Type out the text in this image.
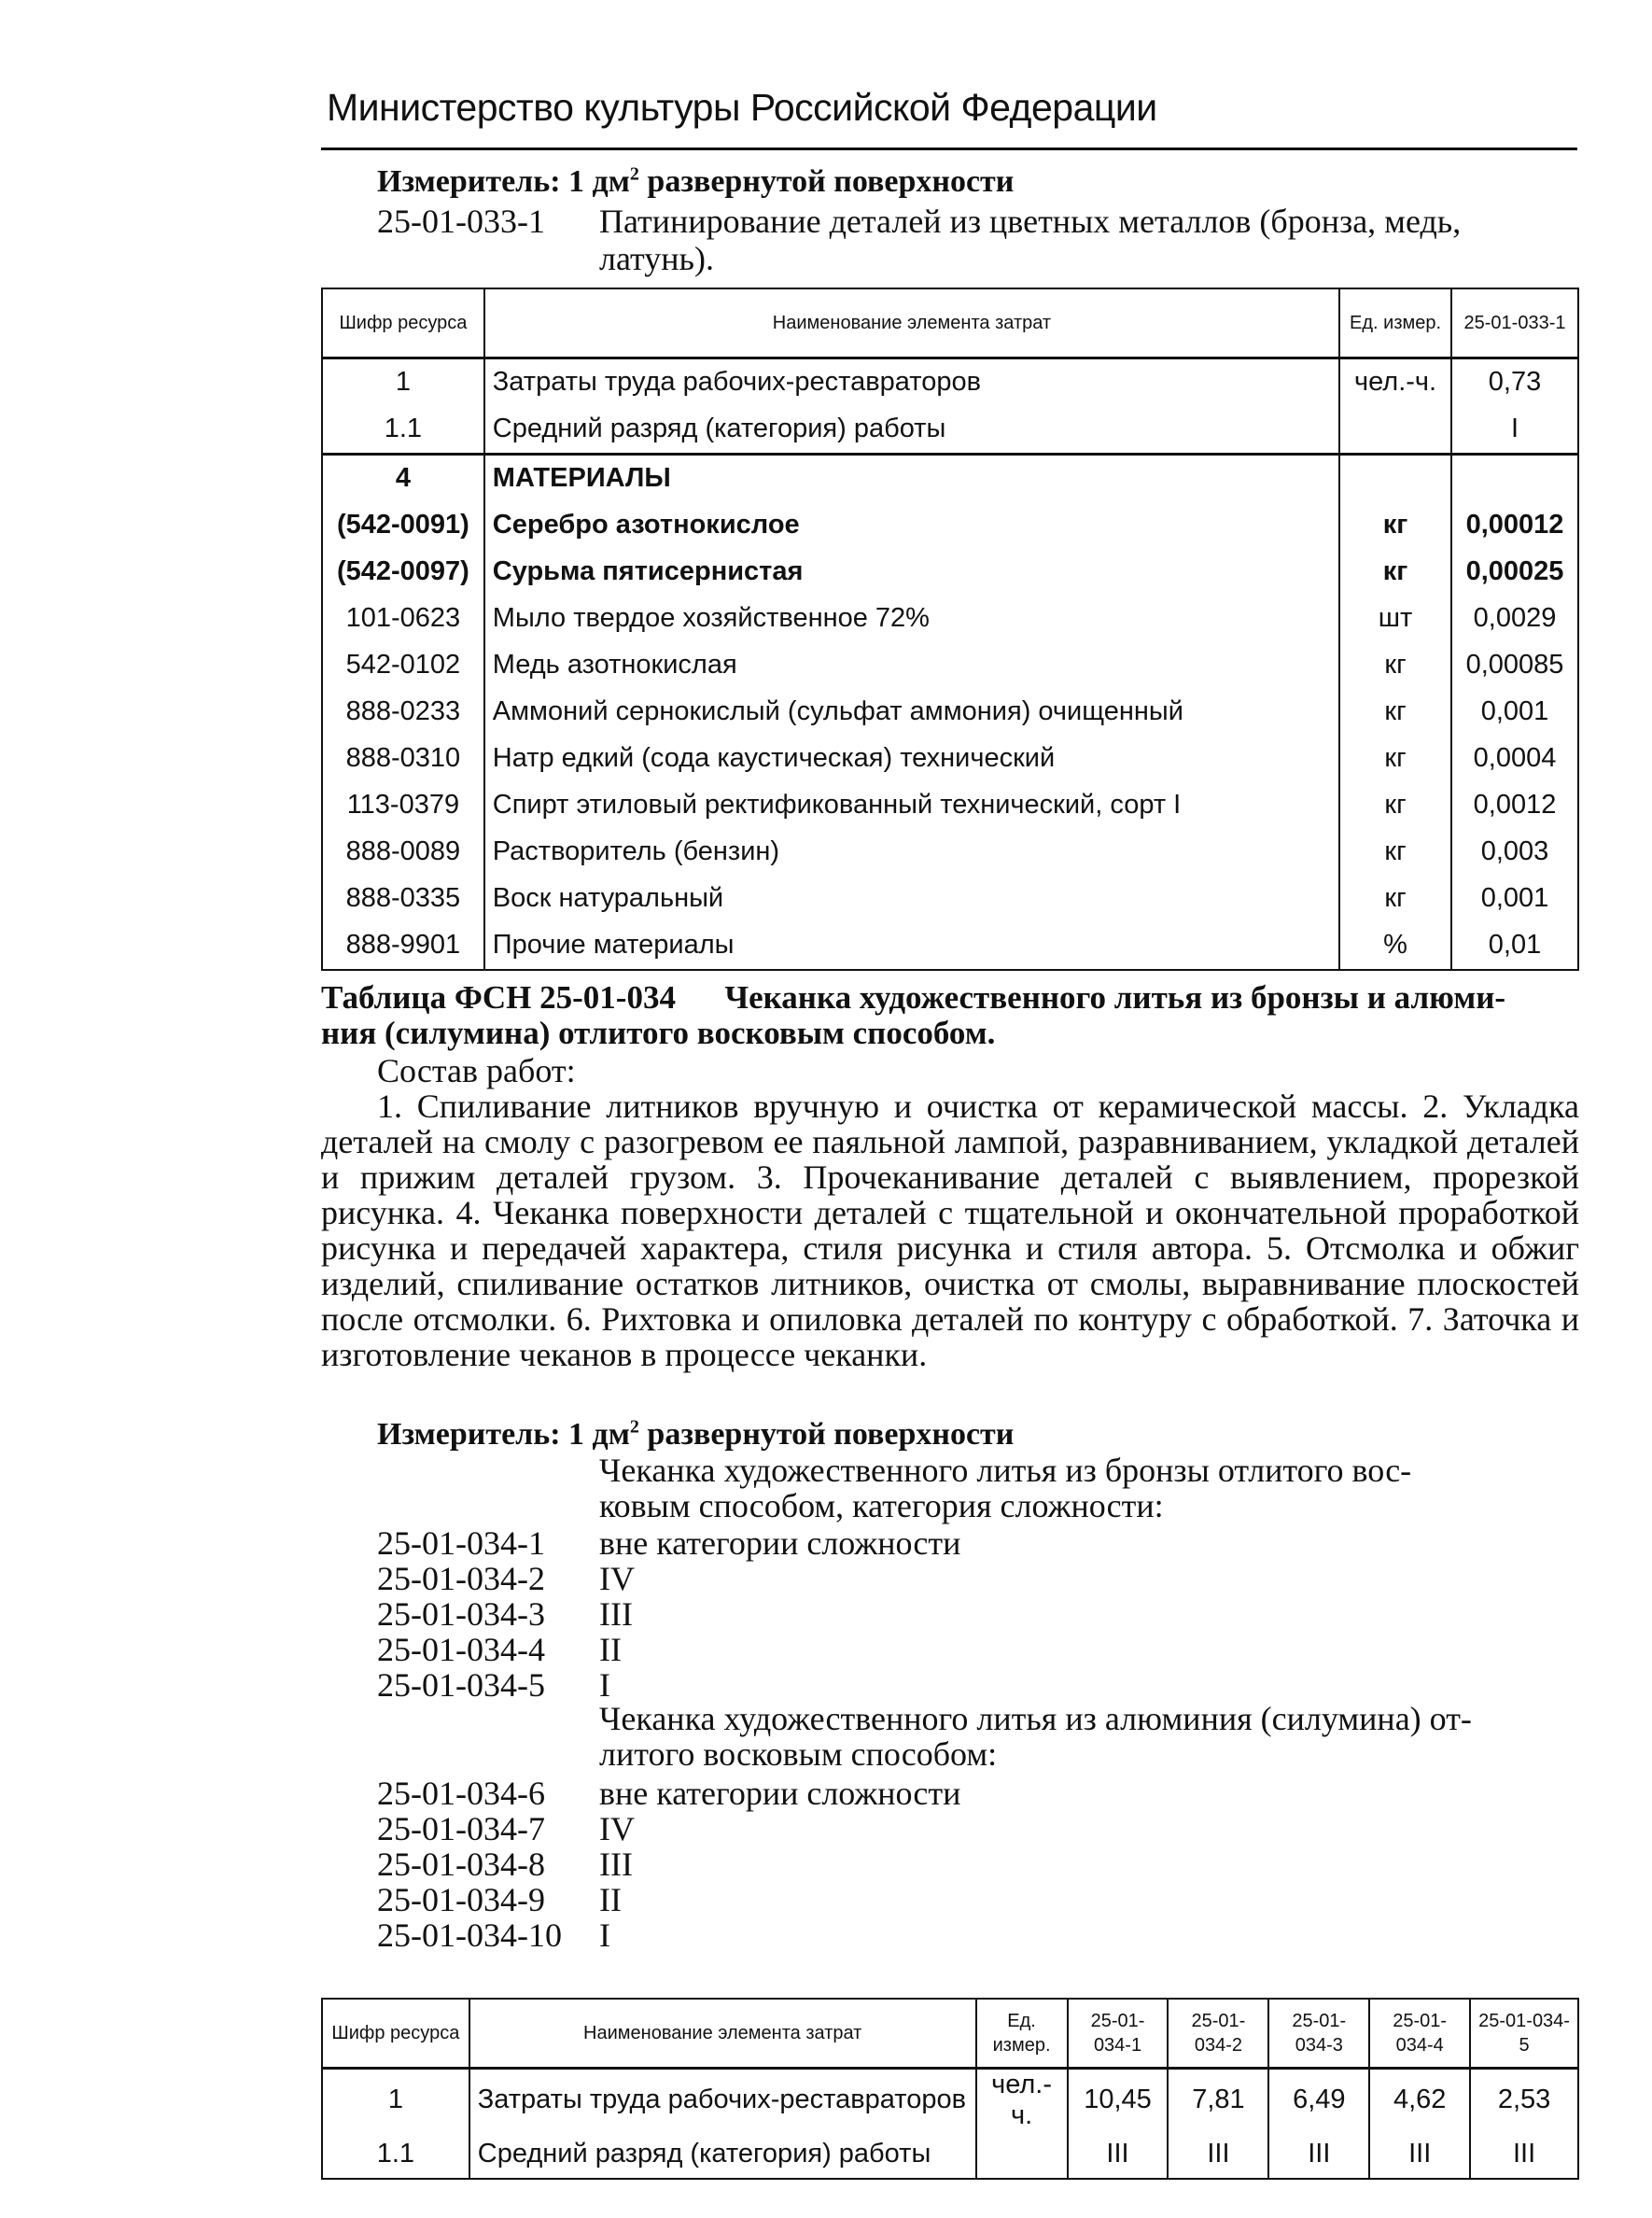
Министерство культуры Российской Федерации
Измеритель: 1 $дм^2$ развернутой поверхности
25-01-033-1 Патинирование деталей из цветных металлов (бронза, медь,
латунь).
Шифр ресурса	Наименование элемента затрат	Ед. измер.	25-01-033-1
1	Затраты труда рабочих-реставраторов	чел.-ч.	0,73
1.1	Средний разряд (категория) работы		I
4	МАТЕРИАЛЫ		
(542-0091)	Серебро азотнокислое	кг	0,00012
(542-0097)	Сурьма пятисернистая	кг	0,00025
101-0623	Мыло твердое хозяйственное 72%	шт	0,0029
542-0102	Медь азотнокислая	кг	0,00085
888-0233	Аммоний сернокислый (сульфат аммония) очищенный	кг	0,001
888-0310	Натр едкий (сода каустическая) технический	кг	0,0004
113-0379	Спирт этиловый ректификованный технический, сорт I	кг	0,0012
888-0089	Растворитель (бензин)	кг	0,003
888-0335	Воск натуральный	кг	0,001
888-9901	Прочие материалы	%	0,01
Таблица ФСН 25-01-034      Чеканка художественного литья из бронзы и алюми-
ния (силумина) отлитого восковым способом.
Состав работ:
1. Спиливание литников вручную и очистка от керамической массы. 2. Укладка деталей на смолу с разогревом ее паяльной лампой, разравниванием, укладкой деталей и прижим деталей грузом. 3. Прочеканивание деталей с выявлением, прорезкой рисунка. 4. Чеканка поверхности деталей с тщательной и окончательной проработкой рисунка и передачей характера, стиля рисунка и стиля автора. 5. Отсмолка и обжиг изделий, спиливание остатков литников, очистка от смолы, выравнивание плоскостей после отсмолки. 6. Рихтовка и опиловка деталей по контуру с обработкой. 7. Заточка и изготовление чеканов в процессе чеканки.
Измеритель: 1 $дм^2$ развернутой поверхности
Чеканка художественного литья из бронзы отлитого вос-
ковым способом, категория сложности:
25-01-034-1 вне категории сложности
25-01-034-2 IV
25-01-034-3 III
25-01-034-4 II
25-01-034-5 I
Чеканка художественного литья из алюминия (силумина) от-
литого восковым способом:
25-01-034-6 вне категории сложности
25-01-034-7 IV
25-01-034-8 III
25-01-034-9 II
25-01-034-10 I
Шифр ресурса	Наименование элемента затрат	Ед. измер.	25-01-034-1	25-01-034-2	25-01-034-3	25-01-034-4	25-01-034-5
1	Затраты труда рабочих-реставраторов	чел.-ч.	10,45	7,81	6,49	4,62	2,53
1.1	Средний разряд (категория) работы		III	III	III	III	III
